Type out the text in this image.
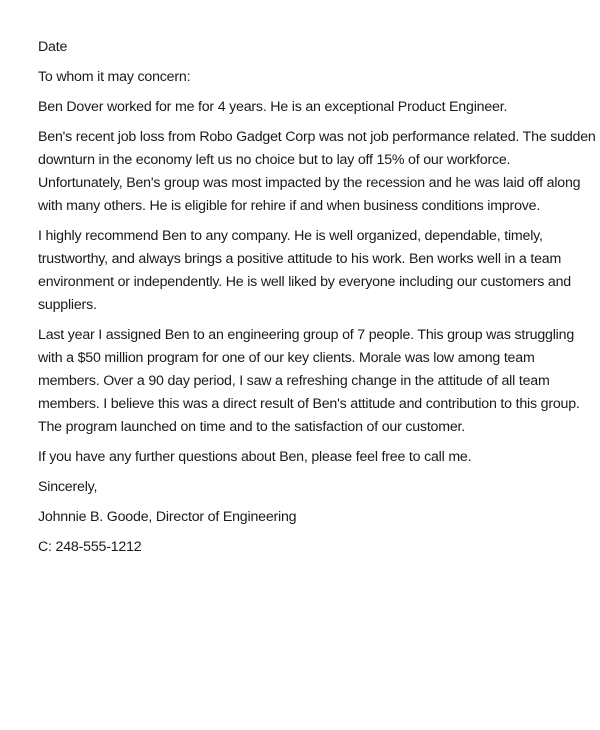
Date

To whom it may concern:

Ben Dover worked for me for 4 years. He is an exceptional Product Engineer.

Ben's recent job loss from Robo Gadget Corp was not job performance related. The sudden
downturn in the economy left us no choice but to lay off 15% of our workforce.
Unfortunately, Ben's group was most impacted by the recession and he was laid off along
with many others. He is eligible for rehire if and when business conditions improve.

I highly recommend Ben to any company. He is well organized, dependable, timely,
trustworthy, and always brings a positive attitude to his work. Ben works well in a team
environment or independently. He is well liked by everyone including our customers and
suppliers.

Last year I assigned Ben to an engineering group of 7 people. This group was struggling
with a $50 million program for one of our key clients. Morale was low among team
members. Over a 90 day period, I saw a refreshing change in the attitude of all team
members. I believe this was a direct result of Ben's attitude and contribution to this group.
The program launched on time and to the satisfaction of our customer.

If you have any further questions about Ben, please feel free to call me.

Sincerely,

Johnnie B. Goode, Director of Engineering

C: 248-555-1212
